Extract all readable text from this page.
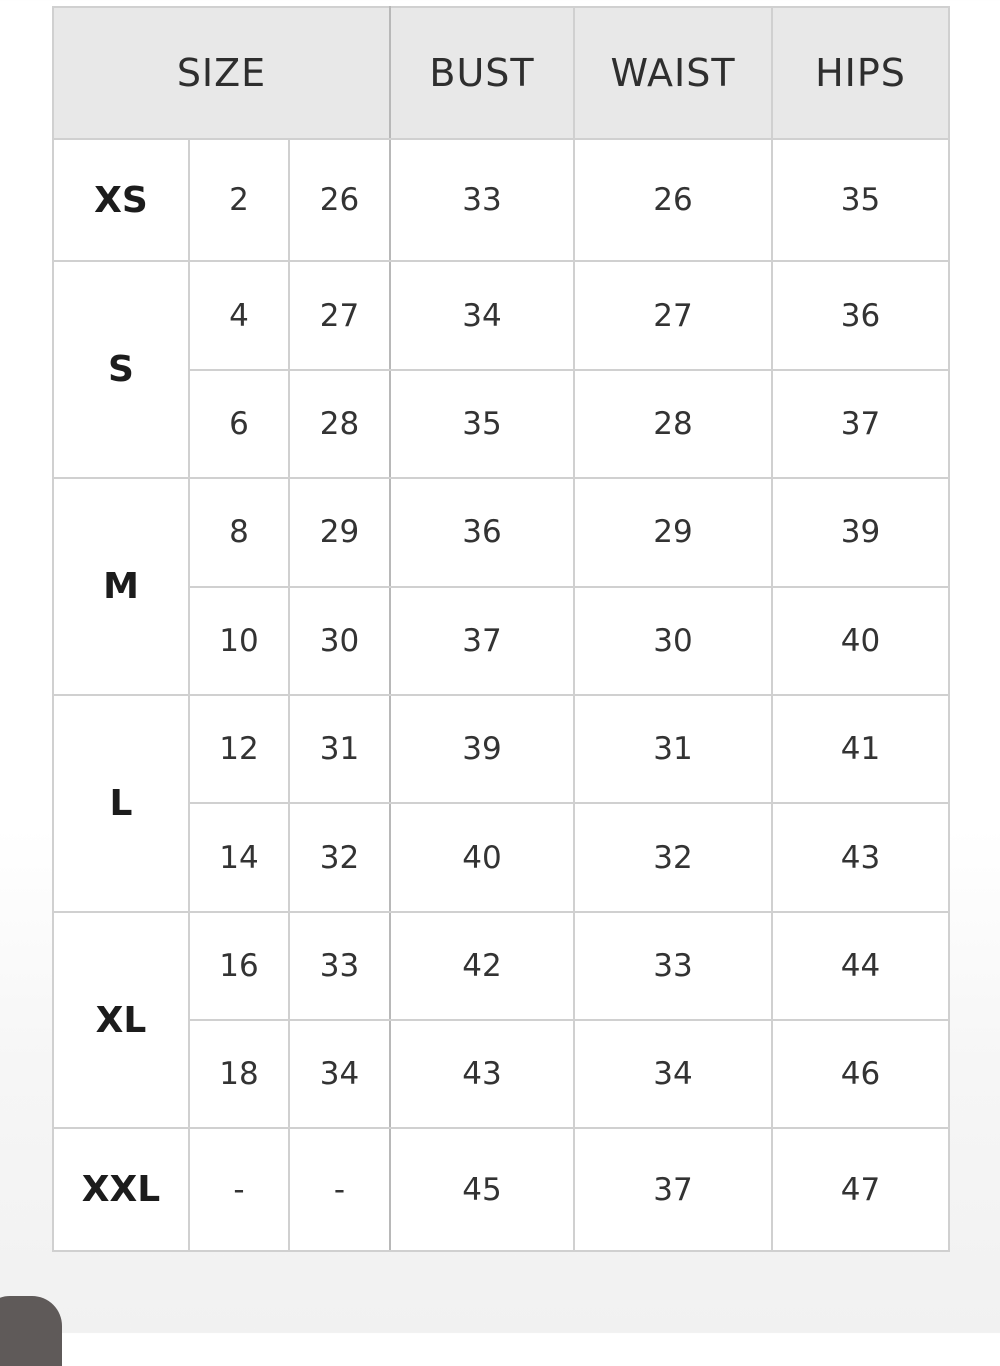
SIZE			BUST	WAIST	HIPS
XS	2	26	33	26	35
S	4	27	34	27	36
	6	28	35	28	37
M	8	29	36	29	39
	10	30	37	30	40
L	12	31	39	31	41
	14	32	40	32	43
XL	16	33	42	33	44
	18	34	43	34	46
XXL	-	-	45	37	47
